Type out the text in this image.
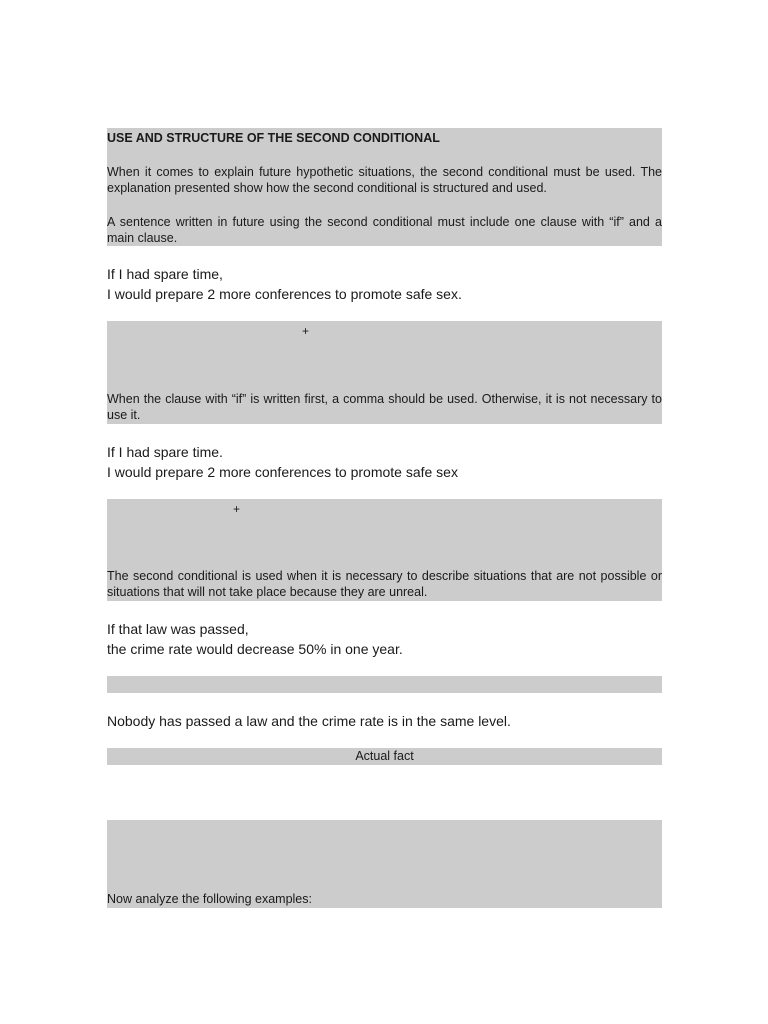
USE AND STRUCTURE OF THE SECOND CONDITIONAL

When it comes to explain future hypothetic situations, the second conditional must be used. The explanation presented show how the second conditional is structured and used.

A sentence written in future using the second conditional must include one clause with “if” and a main clause.

If I had spare time,

I would prepare 2 more conferences to promote safe sex.

+

When the clause with “if” is written first, a comma should be used. Otherwise, it is not necessary to use it.

If I had spare time.

I would prepare 2 more conferences to promote safe sex

+

The second conditional is used when it is necessary to describe situations that are not possible or situations that will not take place because they are unreal.

If that law was passed,

the crime rate would decrease 50% in one year.

Nobody has passed a law and the crime rate is in the same level.

Actual fact

Now analyze the following examples:
